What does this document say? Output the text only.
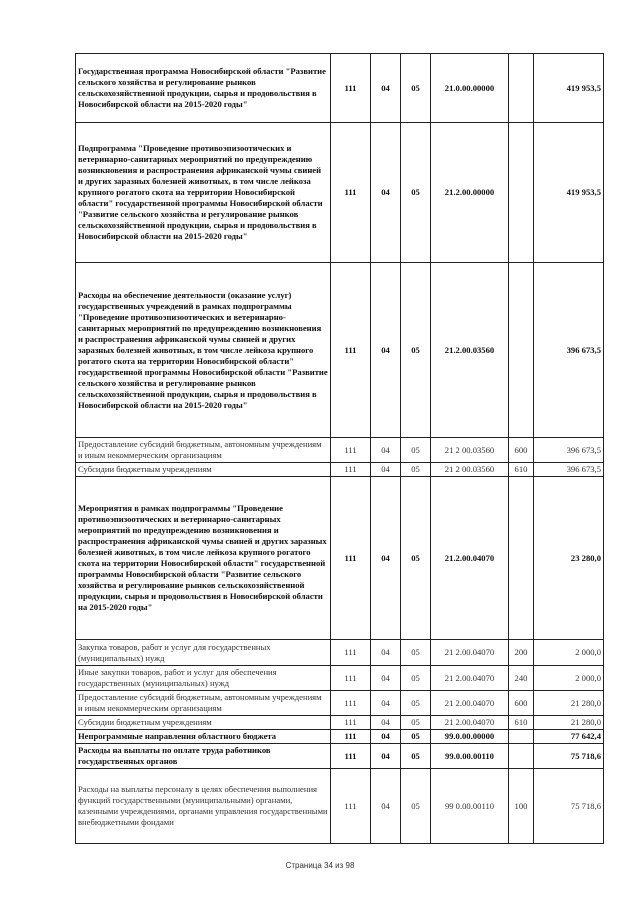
Государственная программа Новосибирской области "Развитие сельского хозяйства и регулирование рынков сельскохозяйственной продукции, сырья и продовольствия в Новосибирской области на 2015-2020 годы"	111	04	05	21.0.00.00000		419 953,5
Подпрограмма "Проведение противоэпизоотических и ветеринарно-санитарных мероприятий по предупреждению возникновения и распространения африканской чумы свиней и других заразных болезней животных, в том числе лейкоза крупного рогатого скота на территории Новосибирской области" государственной программы Новосибирской области "Развитие сельского хозяйства и регулирование рынков сельскохозяйственной продукции, сырья и продовольствия в Новосибирской области на 2015-2020 годы"	111	04	05	21.2.00.00000		419 953,5
Расходы на обеспечение деятельности (оказание услуг) государственных учреждений в рамках подпрограммы "Проведение противоэпизоотических и ветеринарно-санитарных мероприятий по предупреждению возникновения и распространения африканской чумы свиней и других заразных болезней животных, в том числе лейкоза крупного рогатого скота на территории Новосибирской области" государственной программы Новосибирской области "Развитие сельского хозяйства и регулирование рынков сельскохозяйственной продукции, сырья и продовольствия в Новосибирской области на 2015-2020 годы"	111	04	05	21.2.00.03560		396 673,5
Предоставление субсидий бюджетным, автономным учреждениям и иным некоммерческим организациям	111	04	05	21 2 00.03560	600	396 673,5
Субсидии бюджетным учреждениям	111	04	05	21 2 00.03560	610	396 673,5
Мероприятия в рамках подпрограммы "Проведение противоэпизоотических и ветеринарно-санитарных мероприятий по предупреждению возникновения и распространения африканской чумы свиней и других заразных болезней животных, в том числе лейкоза крупного рогатого скота на территории Новосибирской области" государственной программы Новосибирской области "Развитие сельского хозяйства и регулирование рынков сельскохозяйственной продукции, сырья и продовольствия в Новосибирской области на 2015-2020 годы"	111	04	05	21.2.00.04070		23 280,0
Закупка товаров, работ и услуг для государственных (муниципальных) нужд	111	04	05	21 2.00.04070	200	2 000,0
Иные закупки товаров, работ и услуг для обеспечения государственных (муниципальных) нужд	111	04	05	21 2.00.04070	240	2 000,0
Предоставление субсидий бюджетным, автономным учреждениям и иным некоммерческим организациям	111	04	05	21 2.00.04070	600	21 280,0
Субсидии бюджетным учреждениям	111	04	05	21 2.00.04070	610	21 280,0
Непрограммные направления областного бюджета	111	04	05	99.0.00.00000		77 642,4
Расходы на выплаты по оплате труда работников государственных органов	111	04	05	99.0.00.00110		75 718,6
Расходы на выплаты персоналу в целях обеспечения выполнения функций государственными (муниципальными) органами, казенными учреждениями, органами управления государственными внебюджетными фондами	111	04	05	99 0.00.00110	100	75 718,6
Страница 34 из 98
